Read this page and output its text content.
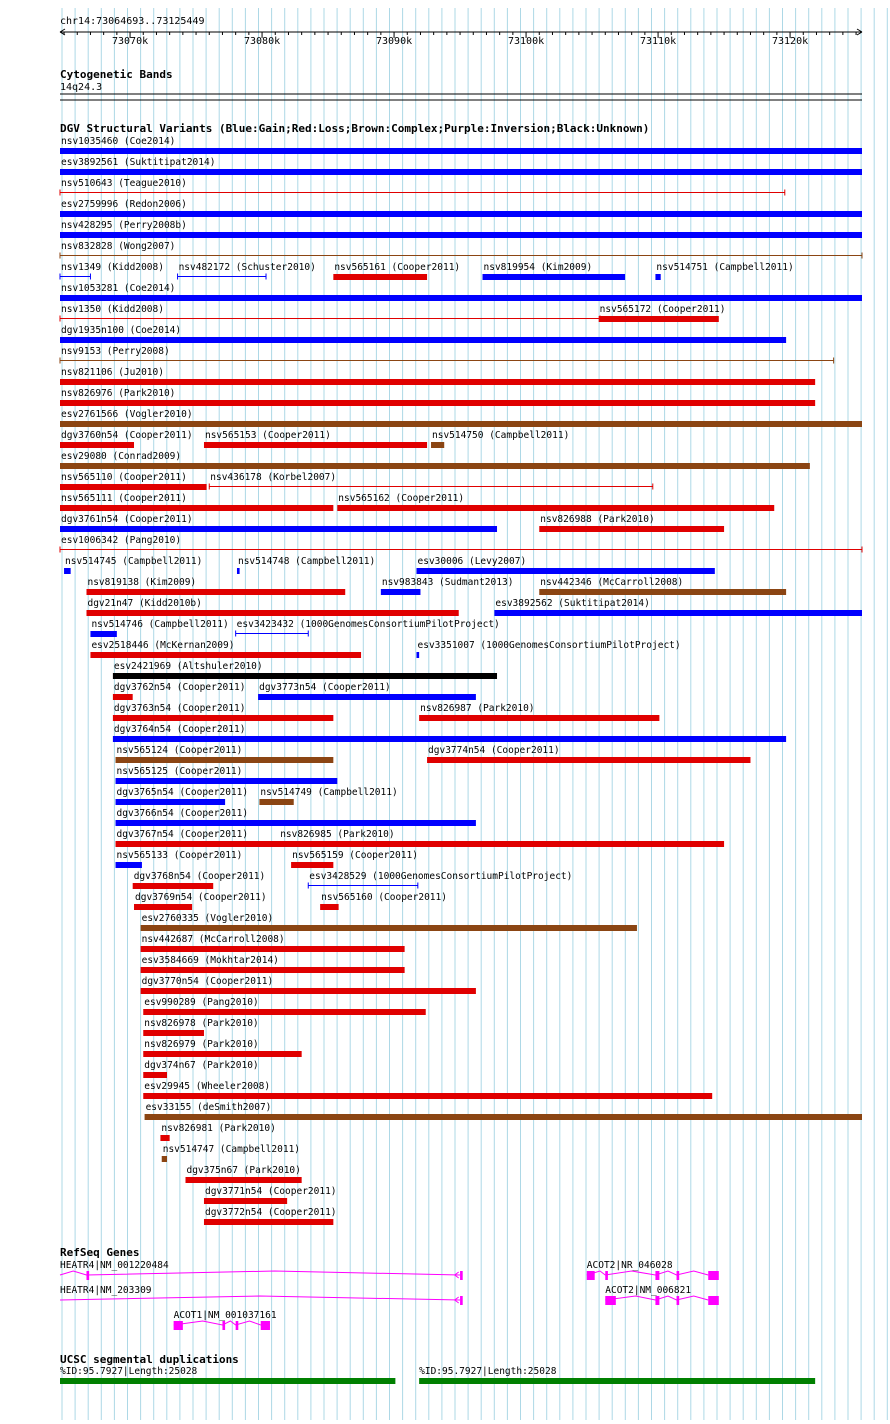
chr14:73064693..73125449
73070k	73080k	73090k	73100k	73110k	73120k
Cytogenetic Bands
14q24.3
DGV Structural Variants (Blue:Gain;Red:Loss;Brown:Complex;Purple:Inversion;Black:Unknown)
nsv1035460 (Coe2014)
esv3892561 (Suktitipat2014)
nsv510643 (Teague2010)
esv2759996 (Redon2006)
nsv428295 (Perry2008b)
nsv832828 (Wong2007)
nsv1349 (Kidd2008) nsv482172 (Schuster2010) nsv565161 (Cooper2011) nsv819954 (Kim2009)	nsv514751 (Campbell2011)
nsv1053281 (Coe2014)
nsv1350 (Kidd2008)	nsv565172 (Cooper2011)
dgv1935n100 (Coe2014)
nsv9153 (Perry2008)
nsv821106 (Ju2010)
nsv826976 (Park2010)
esv2761566 (Vogler2010)
dgv3760n54 (Cooper2011) nsv565153 (Cooper2011)	nsv514750 (Campbell2011)
esv29080 (Conrad2009)
nsv565110 (Cooper2011) nsv436178 (Korbel2007)
nsv565111 (Cooper2011)	nsv565162 (Cooper2011)
dgv3761n54 (Cooper2011)	nsv826988 (Park2010)
esv1006342 (Pang2010)
nsv514745 (Campbell2011)	nsv514748 (Campbell2011)	esv30006 (Levy2007)
nsv819138 (Kim2009)	nsv983843 (Sudmant2013)	nsv442346 (McCarroll2008)
dgv21n47 (Kidd2010b)	esv3892562 (Suktitipat2014)
nsv514746 (Campbell2011) esv3423432 (1000GenomesConsortiumPilotProject)
esv2518446 (McKernan2009)	esv3351007 (1000GenomesConsortiumPilotProject)
esv2421969 (Altshuler2010)
dgv3762n54 (Cooper2011) dgv3773n54 (Cooper2011)
dgv3763n54 (Cooper2011)	nsv826987 (Park2010)
dgv3764n54 (Cooper2011)
nsv565124 (Cooper2011)	dgv3774n54 (Cooper2011)
nsv565125 (Cooper2011)
dgv3765n54 (Cooper2011) nsv514749 (Campbell2011)
dgv3766n54 (Cooper2011)
dgv3767n54 (Cooper2011)	nsv826985 (Park2010)
nsv565133 (Cooper2011)	nsv565159 (Cooper2011)
dgv3768n54 (Cooper2011)	esv3428529 (1000GenomesConsortiumPilotProject)
dgv3769n54 (Cooper2011)	nsv565160 (Cooper2011)
esv2760335 (Vogler2010)
nsv442687 (McCarroll2008)
esv3584669 (Mokhtar2014)
dgv3770n54 (Cooper2011)
esv990289 (Pang2010)
nsv826978 (Park2010)
nsv826979 (Park2010)
dgv374n67 (Park2010)
esv29945 (Wheeler2008)
esv33155 (deSmith2007)
nsv826981 (Park2010)
nsv514747 (Campbell2011)
dgv375n67 (Park2010)
dgv3771n54 (Cooper2011)
dgv3772n54 (Cooper2011)
RefSeq Genes
HEATR4|NM_001220484
HEATR4|NM_203309
ACOT1|NM_001037161
ACOT2|NR_046028
ACOT2|NM_006821
UCSC segmental duplications
%ID:95.7927|Length:25028	%ID:95.7927|Length:25028
